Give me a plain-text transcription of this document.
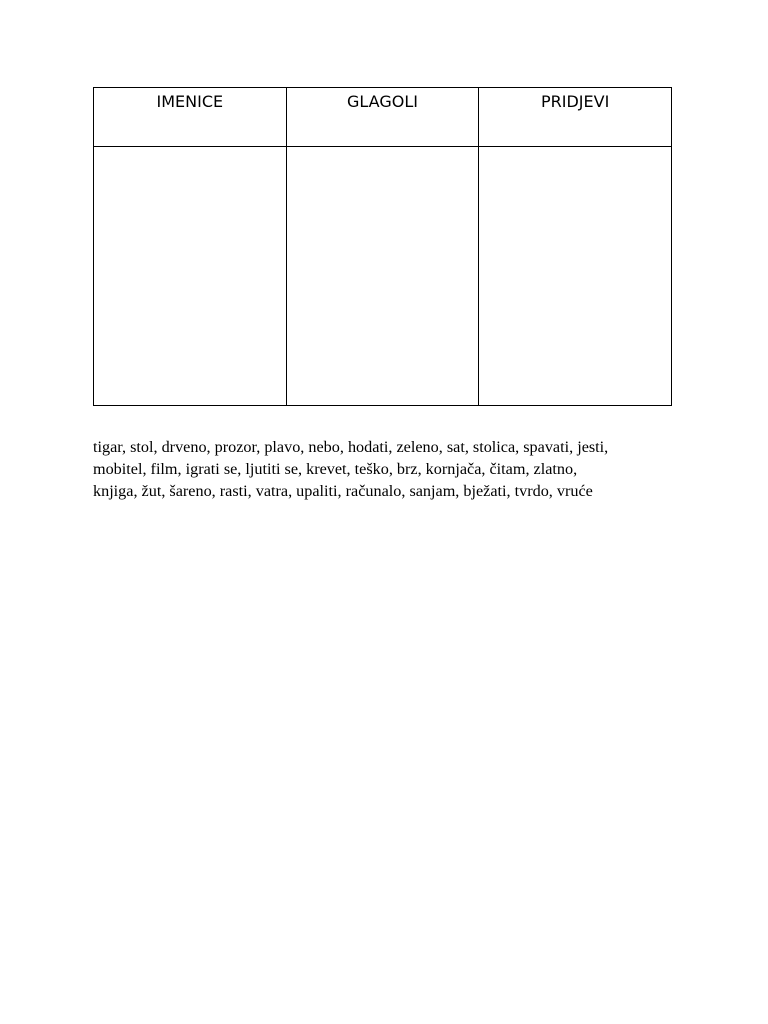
IMENICE	GLAGOLI	PRIDJEVI

tigar, stol, drveno, prozor, plavo, nebo, hodati, zeleno, sat, stolica, spavati, jesti,
mobitel, film, igrati se, ljutiti se, krevet, teško, brz, kornjača, čitam, zlatno,
knjiga, žut, šareno, rasti, vatra, upaliti, računalo, sanjam, bježati, tvrdo, vruće
